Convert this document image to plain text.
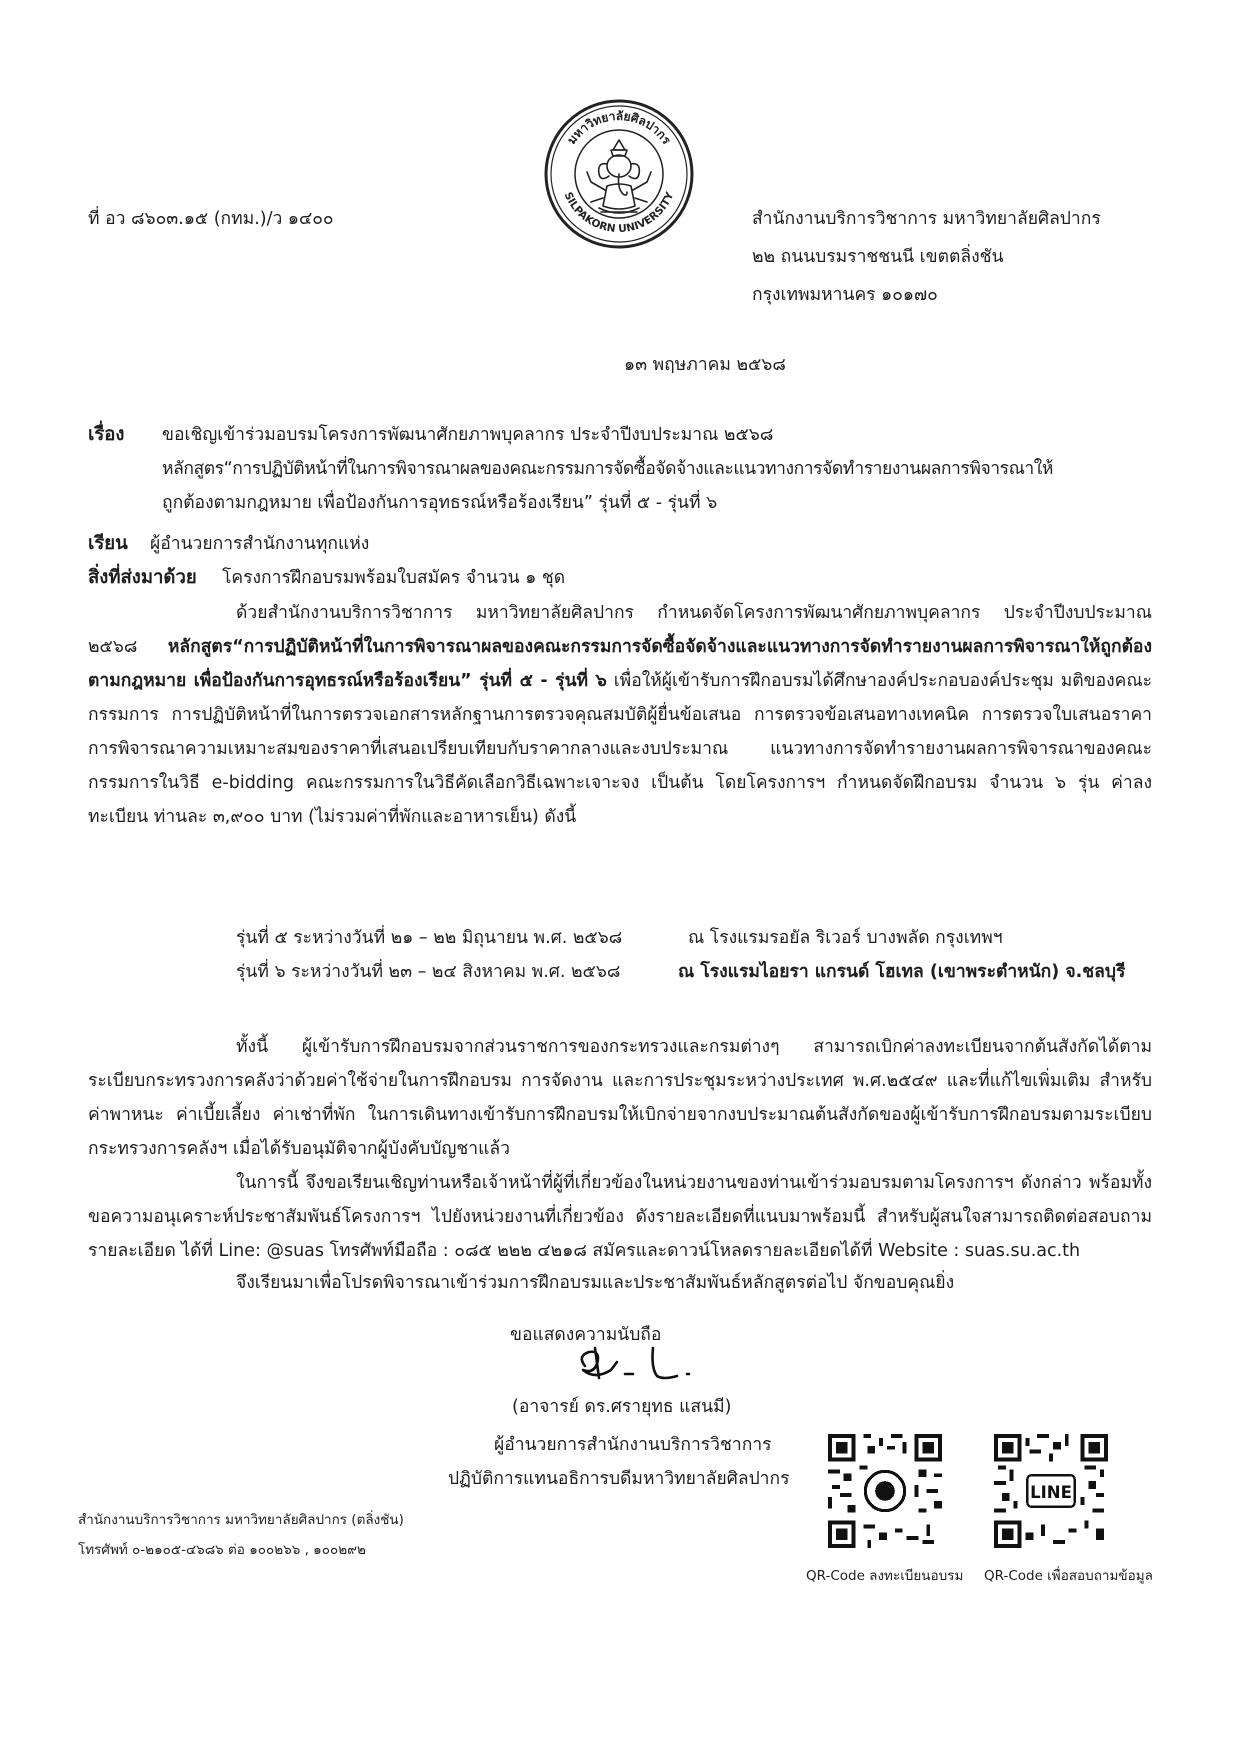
มหาวิทยาลัยศิลปากร
SILPAKORN UNIVERSITY
ที่ อว ๘๖๐๓.๑๕ (กทม.)/ว ๑๔๐๐	สำนักงานบริการวิชาการ มหาวิทยาลัยศิลปากร
๒๒ ถนนบรมราชชนนี เขตตลิ่งชัน
กรุงเทพมหานคร ๑๐๑๗๐
๑๓ พฤษภาคม ๒๕๖๘
เรื่อง ขอเชิญเข้าร่วมอบรมโครงการพัฒนาศักยภาพบุคลากร ประจำปีงบประมาณ ๒๕๖๘
หลักสูตร“การปฏิบัติหน้าที่ในการพิจารณาผลของคณะกรรมการจัดซื้อจัดจ้างและแนวทางการจัดทำรายงานผลการพิจารณาให้
ถูกต้องตามกฎหมาย เพื่อป้องกันการอุทธรณ์หรือร้องเรียน” รุ่นที่ ๕ - รุ่นที่ ๖
เรียน ผู้อำนวยการสำนักงานทุกแห่ง
สิ่งที่ส่งมาด้วย โครงการฝึกอบรมพร้อมใบสมัคร จำนวน ๑ ชุด

ด้วยสำนักงานบริการวิชาการ มหาวิทยาลัยศิลปากร กำหนดจัดโครงการพัฒนาศักยภาพบุคลากร ประจำปีงบประมาณ ๒๕๖๘ หลักสูตร“การปฏิบัติหน้าที่ในการพิจารณาผลของคณะกรรมการจัดซื้อจัดจ้างและแนวทางการจัดทำรายงานผลการพิจารณาให้ถูกต้องตามกฎหมาย เพื่อป้องกันการอุทธรณ์หรือร้องเรียน” รุ่นที่ ๕ - รุ่นที่ ๖ เพื่อให้ผู้เข้ารับการฝึกอบรมได้ศึกษาองค์ประกอบองค์ประชุม มติของคณะกรรมการ การปฏิบัติหน้าที่ในการตรวจเอกสารหลักฐานการตรวจคุณสมบัติผู้ยื่นข้อเสนอ การตรวจข้อเสนอทางเทคนิค การตรวจใบเสนอราคา การพิจารณาความเหมาะสมของราคาที่เสนอเปรียบเทียบกับราคากลางและงบประมาณ แนวทางการจัดทำรายงานผลการพิจารณาของคณะกรรมการในวิธี e-bidding คณะกรรมการในวิธีคัดเลือกวิธีเฉพาะเจาะจง เป็นต้น โดยโครงการฯ กำหนดจัดฝึกอบรม จำนวน ๖ รุ่น ค่าลงทะเบียน ท่านละ ๓,๙๐๐ บาท (ไม่รวมค่าที่พักและอาหารเย็น) ดังนี้

รุ่นที่ ๕ ระหว่างวันที่ ๒๑ – ๒๒ มิถุนายน พ.ศ. ๒๕๖๘	ณ โรงแรมรอยัล ริเวอร์ บางพลัด กรุงเทพฯ
รุ่นที่ ๖ ระหว่างวันที่ ๒๓ – ๒๔ สิงหาคม พ.ศ. ๒๕๖๘	ณ โรงแรมไอยรา แกรนด์ โฮเทล (เขาพระตำหนัก) จ.ชลบุรี

ทั้งนี้ ผู้เข้ารับการฝึกอบรมจากส่วนราชการของกระทรวงและกรมต่างๆ สามารถเบิกค่าลงทะเบียนจากต้นสังกัดได้ตามระเบียบกระทรวงการคลังว่าด้วยค่าใช้จ่ายในการฝึกอบรม การจัดงาน และการประชุมระหว่างประเทศ พ.ศ.๒๕๔๙ และที่แก้ไขเพิ่มเติม สำหรับค่าพาหนะ ค่าเบี้ยเลี้ยง ค่าเช่าที่พัก ในการเดินทางเข้ารับการฝึกอบรมให้เบิกจ่ายจากงบประมาณต้นสังกัดของผู้เข้ารับการฝึกอบรมตามระเบียบกระทรวงการคลังฯ เมื่อได้รับอนุมัติจากผู้บังคับบัญชาแล้ว

ในการนี้ จึงขอเรียนเชิญท่านหรือเจ้าหน้าที่ผู้ที่เกี่ยวข้องในหน่วยงานของท่านเข้าร่วมอบรมตามโครงการฯ ดังกล่าว พร้อมทั้งขอความอนุเคราะห์ประชาสัมพันธ์โครงการฯ ไปยังหน่วยงานที่เกี่ยวข้อง ดังรายละเอียดที่แนบมาพร้อมนี้ สำหรับผู้สนใจสามารถติดต่อสอบถามรายละเอียด ได้ที่ Line: @suas โทรศัพท์มือถือ : ๐๘๕ ๒๒๒ ๔๒๑๘ สมัครและดาวน์โหลดรายละเอียดได้ที่ Website : suas.su.ac.th

จึงเรียนมาเพื่อโปรดพิจารณาเข้าร่วมการฝึกอบรมและประชาสัมพันธ์หลักสูตรต่อไป จักขอบคุณยิ่ง
ขอแสดงความนับถือ
(อาจารย์ ดร.ศรายุทธ แสนมี)
ผู้อำนวยการสำนักงานบริการวิชาการ
ปฏิบัติการแทนอธิการบดีมหาวิทยาลัยศิลปากร
LINE
QR-Code ลงทะเบียนอบรม QR-Code เพื่อสอบถามข้อมูล
สำนักงานบริการวิชาการ มหาวิทยาลัยศิลปากร (ตลิ่งชัน)
โทรศัพท์ ๐-๒๑๐๕-๔๖๘๖ ต่อ ๑๐๐๒๖๖ , ๑๐๐๒๙๒
